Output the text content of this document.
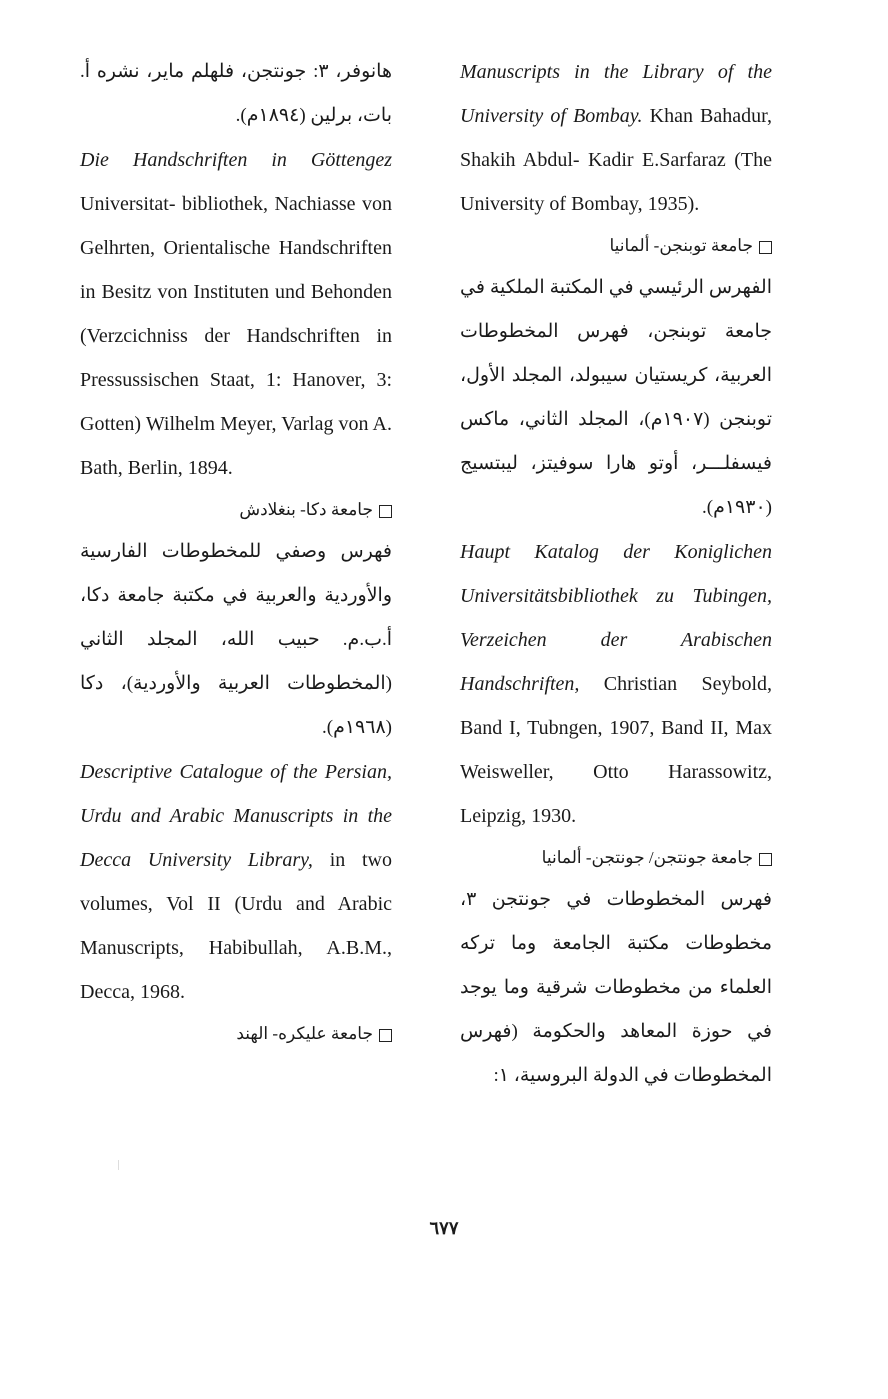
Manuscripts in the Library of the University of Bombay. Khan Bahadur, Shakih Abdul- Kadir E.Sarfaraz (The University of Bombay, 1935).

جامعة توبنجن- ألمانيا

الفهرس الرئيسي في المكتبة الملكية في جامعة توبنجن، فهرس المخطوطات العربية، كريستيان سيبولد، المجلد الأول، توبنجن (١٩٠٧م)، المجلد الثاني، ماكس فيسفلـــر، أوتو هارا سوفيتز، ليبتسيج (١٩٣٠م).

Haupt Katalog der Koniglichen Universitätsbibliothek zu Tubingen, Verzeichen der Arabischen Handschriften, Christian Seybold, Band I, Tubngen, 1907, Band II, Max Weisweller, Otto Harassowitz, Leipzig, 1930.

جامعة جونتجن/ جونتجن- ألمانيا

فهرس المخطوطات في جونتجن ٣، مخطوطات مكتبة الجامعة وما تركه العلماء من مخطوطات شرقية وما يوجد في حوزة المعاهد والحكومة (فهرس المخطوطات في الدولة البروسية، ١:

هانوفر، ٣: جونتجن، فلهلم ماير، نشره أ. بات، برلين (١٨٩٤م).

Die Handschriften in Göttengez Universitat- bibliothek, Nachiasse von Gelhrten, Orientalische Handschriften in Besitz von Instituten und Behonden (Verzcichniss der Handschriften in Pressussischen Staat, 1: Hanover, 3: Gotten) Wilhelm Meyer, Varlag von A. Bath, Berlin, 1894.

جامعة دكا- بنغلادش

فهرس وصفي للمخطوطات الفارسية والأوردية والعربية في مكتبة جامعة دكا، أ.ب.م. حبيب الله، المجلد الثاني (المخطوطات العربية والأوردية)، دكا (١٩٦٨م).

Descriptive Catalogue of the Persian, Urdu and Arabic Manuscripts in the Decca University Library, in two volumes, Vol II (Urdu and Arabic Manuscripts, Habibullah, A.B.M., Decca, 1968.

جامعة عليكره- الهند

٦٧٧
